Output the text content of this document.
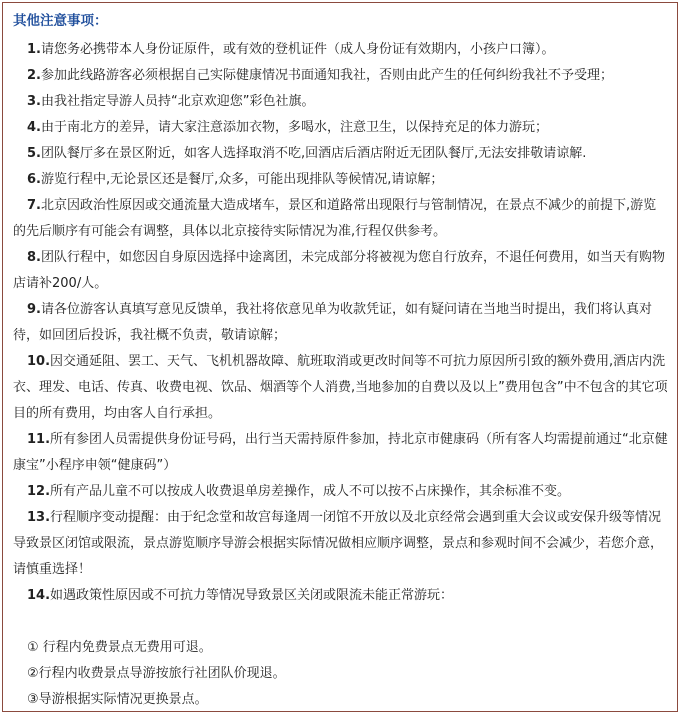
其他注意事项：
1.请您务必携带本人身份证原件，或有效的登机证件（成人身份证有效期内，小孩户口簿）。
2.参加此线路游客必须根据自己实际健康情况书面通知我社，否则由此产生的任何纠纷我社不予受理；
3.由我社指定导游人员持“北京欢迎您”彩色社旗。
4.由于南北方的差异，请大家注意添加衣物，多喝水，注意卫生，以保持充足的体力游玩；
5.团队餐厅多在景区附近，如客人选择取消不吃,回酒店后酒店附近无团队餐厅,无法安排敬请谅解.
6.游览行程中,无论景区还是餐厅,众多，可能出现排队等候情况,请谅解；
7.北京因政治性原因或交通流量大造成堵车，景区和道路常出现限行与管制情况，在景点不减少的前提下,游览的先后顺序有可能会有调整，具体以北京接待实际情况为准,行程仅供参考。
8.团队行程中，如您因自身原因选择中途离团，未完成部分将被视为您自行放弃，不退任何费用，如当天有购物店请补200/人。
9.请各位游客认真填写意见反馈单，我社将依意见单为收款凭证，如有疑问请在当地当时提出，我们将认真对待，如回团后投诉，我社概不负责，敬请谅解；
10.因交通延阻、罢工、天气、飞机机器故障、航班取消或更改时间等不可抗力原因所引致的额外费用,酒店内洗衣、理发、电话、传真、收费电视、饮品、烟酒等个人消费,当地参加的自费以及以上”费用包含”中不包含的其它项目的所有费用，均由客人自行承担。
11.所有参团人员需提供身份证号码，出行当天需持原件参加，持北京市健康码（所有客人均需提前通过“北京健康宝”小程序申领“健康码”）
12.所有产品儿童不可以按成人收费退单房差操作，成人不可以按不占床操作，其余标准不变。
13.行程顺序变动提醒：由于纪念堂和故宫每逢周一闭馆不开放以及北京经常会遇到重大会议或安保升级等情况导致景区闭馆或限流，景点游览顺序导游会根据实际情况做相应顺序调整，景点和参观时间不会减少，若您介意，请慎重选择！
14.如遇政策性原因或不可抗力等情况导致景区关闭或限流未能正常游玩：
① 行程内免费景点无费用可退。
②行程内收费景点导游按旅行社团队价现退。
③导游根据实际情况更换景点。
